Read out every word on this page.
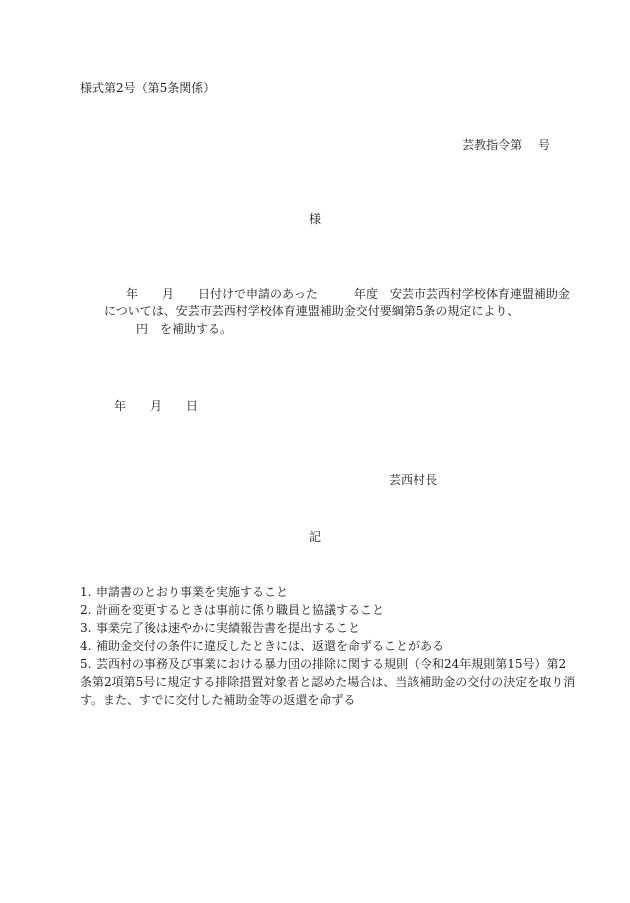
様式第2号（第5条関係）
芸教指令第　 号
様
年　　月　　日付けで申請のあった　　　年度　安芸市芸西村学校体育連盟補助金
については、安芸市芸西村学校体育連盟補助金交付要綱第5条の規定により、
円　を補助する。
年　　月　　日
芸西村長
記
1. 申請書のとおり事業を実施すること
2. 計画を変更するときは事前に係り職員と協議すること
3. 事業完了後は速やかに実績報告書を提出すること
4. 補助金交付の条件に違反したときには、返還を命ずることがある
5. 芸西村の事務及び事業における暴力団の排除に関する規則（令和24年規則第15号）第2
条第2項第5号に規定する排除措置対象者と認めた場合は、当該補助金の交付の決定を取り消
す。また、すでに交付した補助金等の返還を命ずる
